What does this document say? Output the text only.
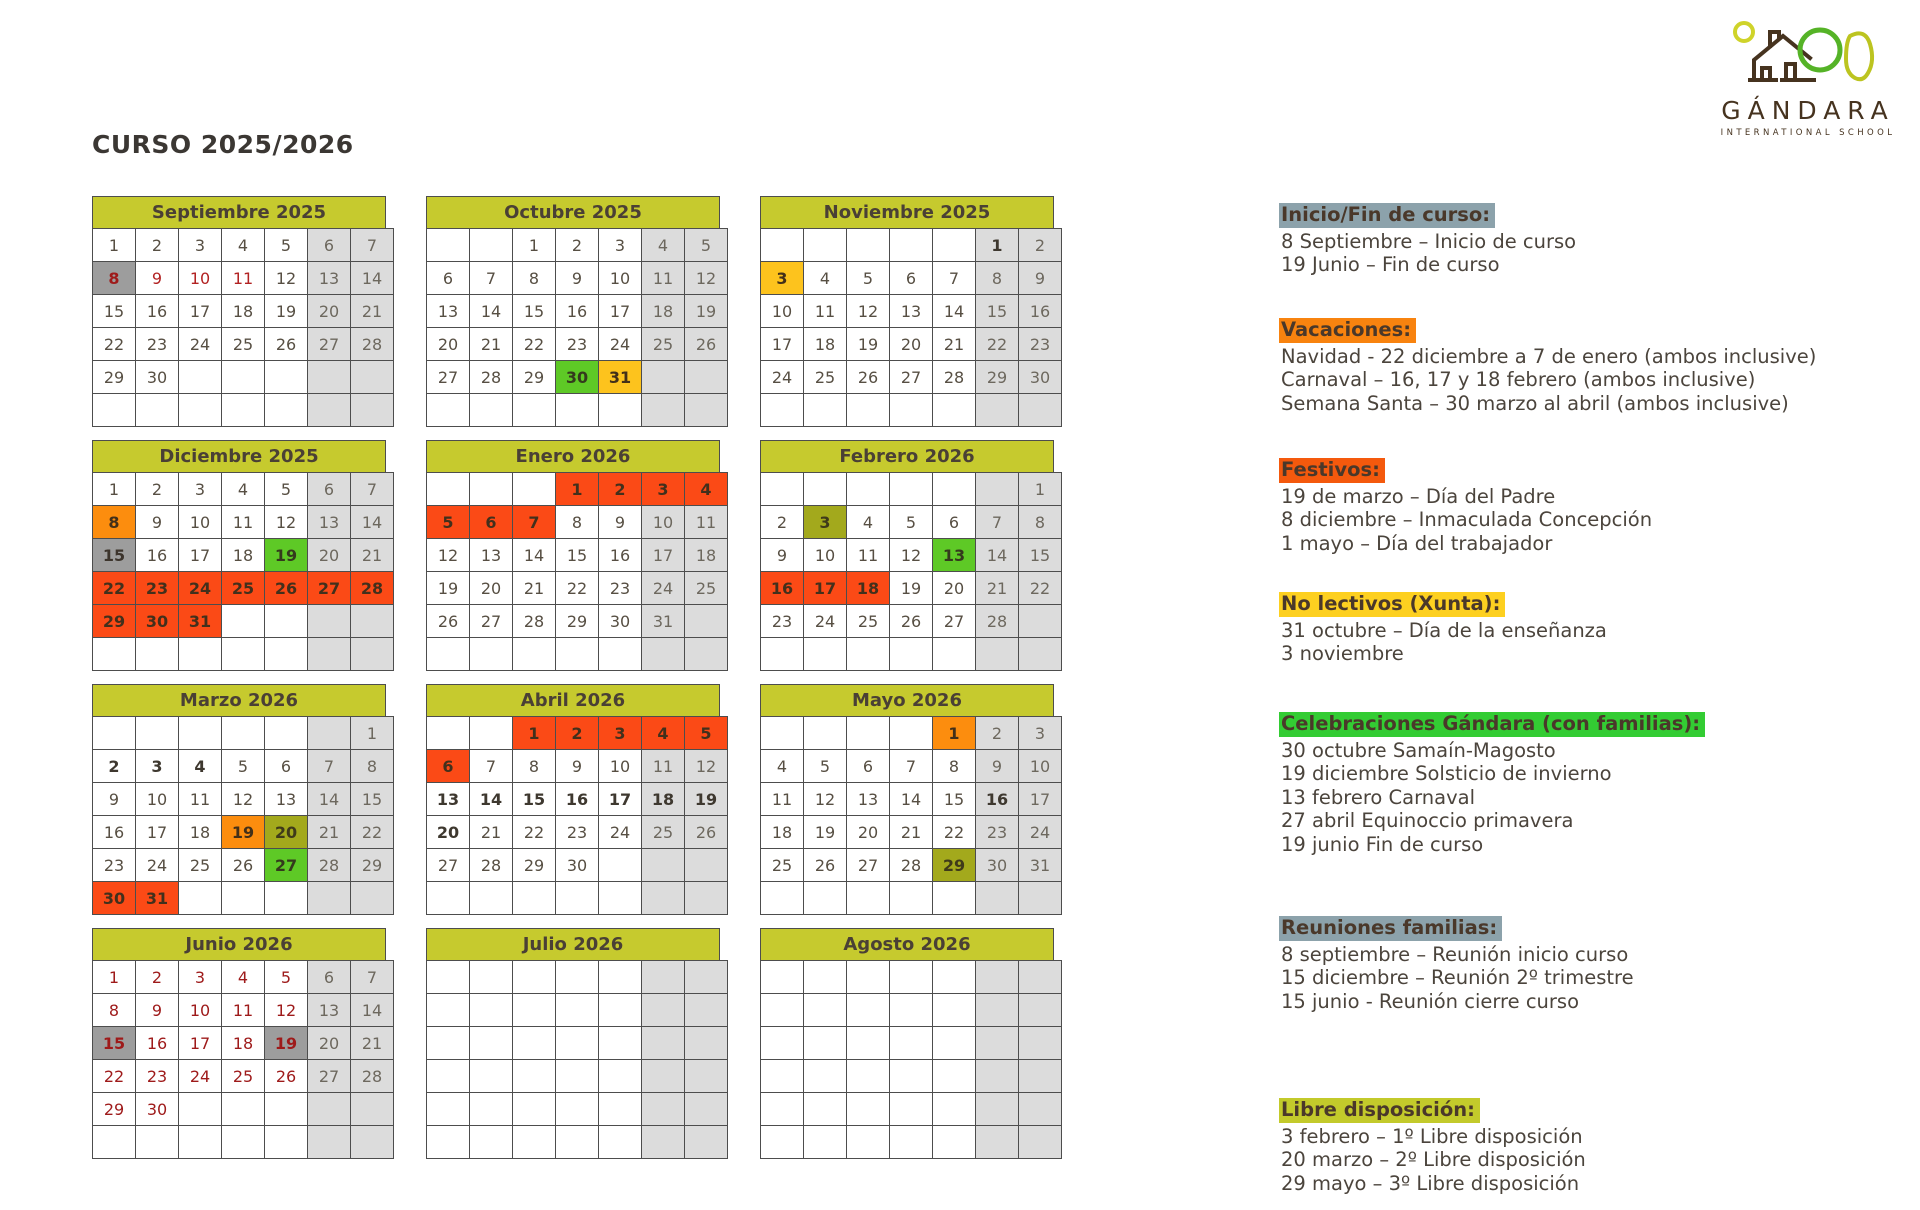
CURSO 2025/2026
Septiembre 2025
1	2	3	4	5	6	7
8	9	10	11	12	13	14
15	16	17	18	19	20	21
22	23	24	25	26	27	28
29	30					

Octubre 2025
		1	2	3	4	5
6	7	8	9	10	11	12
13	14	15	16	17	18	19
20	21	22	23	24	25	26
27	28	29	30	31		

Noviembre 2025
					1	2
3	4	5	6	7	8	9
10	11	12	13	14	15	16
17	18	19	20	21	22	23
24	25	26	27	28	29	30

Diciembre 2025
1	2	3	4	5	6	7
8	9	10	11	12	13	14
15	16	17	18	19	20	21
22	23	24	25	26	27	28
29	30	31				

Enero 2026
			1	2	3	4
5	6	7	8	9	10	11
12	13	14	15	16	17	18
19	20	21	22	23	24	25
26	27	28	29	30	31	

Febrero 2026
						1
2	3	4	5	6	7	8
9	10	11	12	13	14	15
16	17	18	19	20	21	22
23	24	25	26	27	28	

Marzo 2026
						1
2	3	4	5	6	7	8
9	10	11	12	13	14	15
16	17	18	19	20	21	22
23	24	25	26	27	28	29
30	31					
Abril 2026
		1	2	3	4	5
6	7	8	9	10	11	12
13	14	15	16	17	18	19
20	21	22	23	24	25	26
27	28	29	30			

Mayo 2026
				1	2	3
4	5	6	7	8	9	10
11	12	13	14	15	16	17
18	19	20	21	22	23	24
25	26	27	28	29	30	31

Junio 2026
1	2	3	4	5	6	7
8	9	10	11	12	13	14
15	16	17	18	19	20	21
22	23	24	25	26	27	28
29	30					

Julio 2026

							Agosto 2026

Inicio/Fin de curso:
8 Septiembre – Inicio de curso
19 Junio – Fin de curso
Vacaciones:
Navidad - 22 diciembre a 7 de enero (ambos inclusive)
Carnaval – 16, 17 y 18 febrero (ambos inclusive)
Semana Santa – 30 marzo al abril (ambos inclusive)
Festivos:
19 de marzo – Día del Padre
8 diciembre – Inmaculada Concepción
1 mayo – Día del trabajador
No lectivos (Xunta):
31 octubre – Día de la enseñanza
3 noviembre
Celebraciones Gándara (con familias):
30 octubre Samaín-Magosto
19 diciembre Solsticio de invierno
13 febrero Carnaval
27 abril Equinoccio primavera
19 junio Fin de curso
Reuniones familias:
8 septiembre – Reunión inicio curso
15 diciembre – Reunión 2º trimestre
15 junio - Reunión cierre curso
Libre disposición:
3 febrero – 1º Libre disposición
20 marzo – 2º Libre disposición
29 mayo – 3º Libre disposición
GÁNDARA
INTERNATIONAL SCHOOL
